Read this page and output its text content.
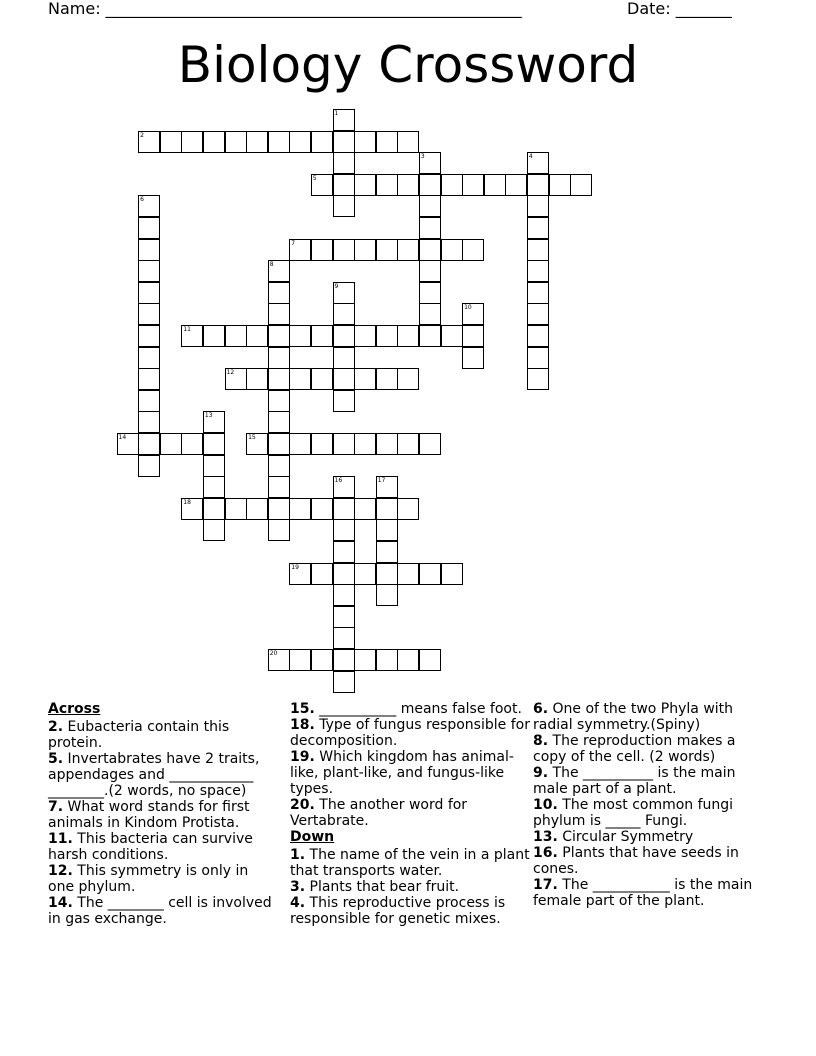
Name: ____________________________________________________	Date: _______
Biology Crossword
1
2
3	4
5
6
7
8
9
10
11
12
13
14	15
16	17
18
19
20
Across
2. Eubacteria contain this protein.
5. Invertabrates have 2 traits, appendages and ____________ ________.(2 words, no space)
7. What word stands for first animals in Kindom Protista.
11. This bacteria can survive harsh conditions.
12. This symmetry is only in one phylum.
14. The ________ cell is involved in gas exchange.
15. ___________ means false foot.
18. Type of fungus responsible for decomposition.
19. Which kingdom has animal-like, plant-like, and fungus-like types.
20. The another word for Vertabrate.
Down
1. The name of the vein in a plant that transports water.
3. Plants that bear fruit.
4. This reproductive process is responsible for genetic mixes.
6. One of the two Phyla with radial symmetry.(Spiny)
8. The reproduction makes a copy of the cell. (2 words)
9. The __________ is the main male part of a plant.
10. The most common fungi phylum is _____ Fungi.
13. Circular Symmetry
16. Plants that have seeds in cones.
17. The ___________ is the main female part of the plant.
